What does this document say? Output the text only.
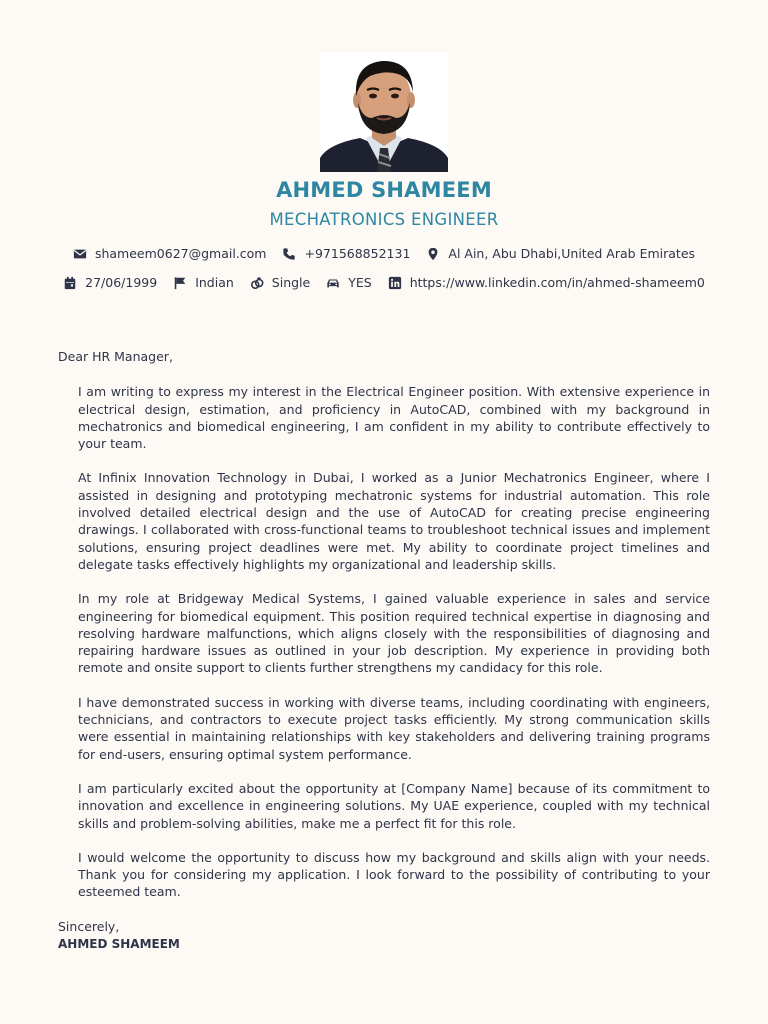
AHMED SHAMEEM
MECHATRONICS ENGINEER
shameem0627@gmail.com	+971568852131	Al Ain, Abu Dhabi,United Arab Emirates
27/06/1999	Indian	Single	YES	https://www.linkedin.com/in/ahmed-shameem0

Dear HR Manager,

I am writing to express my interest in the Electrical Engineer position. With extensive experience in electrical design, estimation, and proficiency in AutoCAD, combined with my background in mechatronics and biomedical engineering, I am confident in my ability to contribute effectively to your team.

At Infinix Innovation Technology in Dubai, I worked as a Junior Mechatronics Engineer, where I assisted in designing and prototyping mechatronic systems for industrial automation. This role involved detailed electrical design and the use of AutoCAD for creating precise engineering drawings. I collaborated with cross-functional teams to troubleshoot technical issues and implement solutions, ensuring project deadlines were met. My ability to coordinate project timelines and delegate tasks effectively highlights my organizational and leadership skills.

In my role at Bridgeway Medical Systems, I gained valuable experience in sales and service engineering for biomedical equipment. This position required technical expertise in diagnosing and resolving hardware malfunctions, which aligns closely with the responsibilities of diagnosing and repairing hardware issues as outlined in your job description. My experience in providing both remote and onsite support to clients further strengthens my candidacy for this role.

I have demonstrated success in working with diverse teams, including coordinating with engineers, technicians, and contractors to execute project tasks efficiently. My strong communication skills were essential in maintaining relationships with key stakeholders and delivering training programs for end-​users, ensuring optimal system performance.

I am particularly excited about the opportunity at [Company Name] because of its commitment to innovation and excellence in engineering solutions. My UAE experience, coupled with my technical skills and problem-solving abilities, make me a perfect fit for this role.

I would welcome the opportunity to discuss how my background and skills align with your needs. Thank you for considering my application. I look forward to the possibility of contributing to your esteemed team.

Sincerely,

AHMED SHAMEEM
